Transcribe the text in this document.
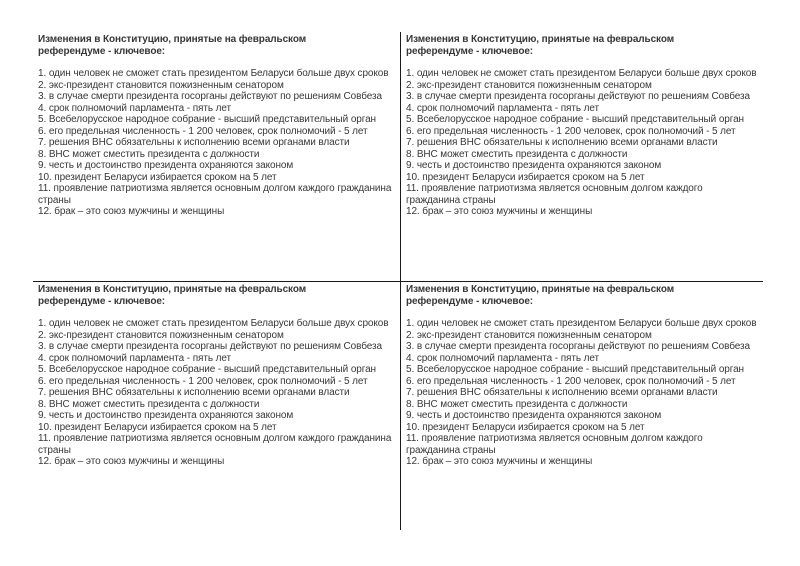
Изменения в Конституцию, принятые на февральском референдуме - ключевое:
1. один человек не сможет стать президентом Беларуси больше двух сроков
2. экс-президент становится пожизненным сенатором
3. в случае смерти президента госорганы действуют по решениям Совбеза
4. срок полномочий парламента - пять лет
5. Всебелорусское народное собрание - высший представительный орган
6. его предельная численность - 1 200 человек, срок полномочий - 5 лет
7. решения ВНС обязательны к исполнению всеми органами власти
8. ВНС может сместить президента с должности
9. честь и достоинство президента охраняются законом
10. президент Беларуси избирается сроком на 5 лет
11. проявление патриотизма является основным долгом каждого гражданина страны
12. брак – это союз мужчины и женщины
Изменения в Конституцию, принятые на февральском референдуме - ключевое:
1. один человек не сможет стать президентом Беларуси больше двух сроков
2. экс-президент становится пожизненным сенатором
3. в случае смерти президента госорганы действуют по решениям Совбеза
4. срок полномочий парламента - пять лет
5. Всебелорусское народное собрание - высший представительный орган
6. его предельная численность - 1 200 человек, срок полномочий - 5 лет
7. решения ВНС обязательны к исполнению всеми органами власти
8. ВНС может сместить президента с должности
9. честь и достоинство президента охраняются законом
10. президент Беларуси избирается сроком на 5 лет
11. проявление патриотизма является основным долгом каждого гражданина страны
12. брак – это союз мужчины и женщины
Изменения в Конституцию, принятые на февральском референдуме - ключевое:
1. один человек не сможет стать президентом Беларуси больше двух сроков
2. экс-президент становится пожизненным сенатором
3. в случае смерти президента госорганы действуют по решениям Совбеза
4. срок полномочий парламента - пять лет
5. Всебелорусское народное собрание - высший представительный орган
6. его предельная численность - 1 200 человек, срок полномочий - 5 лет
7. решения ВНС обязательны к исполнению всеми органами власти
8. ВНС может сместить президента с должности
9. честь и достоинство президента охраняются законом
10. президент Беларуси избирается сроком на 5 лет
11. проявление патриотизма является основным долгом каждого гражданина страны
12. брак – это союз мужчины и женщины
Изменения в Конституцию, принятые на февральском референдуме - ключевое:
1. один человек не сможет стать президентом Беларуси больше двух сроков
2. экс-президент становится пожизненным сенатором
3. в случае смерти президента госорганы действуют по решениям Совбеза
4. срок полномочий парламента - пять лет
5. Всебелорусское народное собрание - высший представительный орган
6. его предельная численность - 1 200 человек, срок полномочий - 5 лет
7. решения ВНС обязательны к исполнению всеми органами власти
8. ВНС может сместить президента с должности
9. честь и достоинство президента охраняются законом
10. президент Беларуси избирается сроком на 5 лет
11. проявление патриотизма является основным долгом каждого гражданина страны
12. брак – это союз мужчины и женщины
